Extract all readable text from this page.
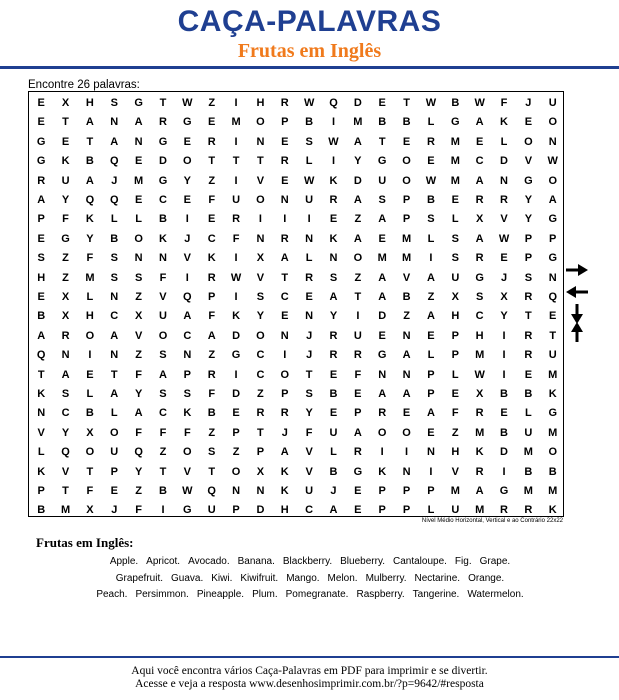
CAÇA-PALAVRAS
Frutas em Inglês
Encontre 26 palavras:
E	X	H	S	G	T	W	Z	I	H	R	W	Q	D	E	T	W	B	W	F	J	U
E	T	A	N	A	R	G	E	M	O	P	B	I	M	B	B	L	G	A	K	E	O
G	E	T	A	N	G	E	R	I	N	E	S	W	A	T	E	R	M	E	L	O	N
G	K	B	Q	E	D	O	T	T	T	R	L	I	Y	G	O	E	M	C	D	V	W
R	U	A	J	M	G	Y	Z	I	V	E	W	K	D	U	O	W	M	A	N	G	O
A	Y	Q	Q	E	C	E	F	U	O	N	U	R	A	S	P	B	E	R	R	Y	A
P	F	K	L	L	B	I	E	R	I	I	I	E	Z	A	P	S	L	X	V	Y	G
E	G	Y	B	O	K	J	C	F	N	R	N	K	A	E	M	L	S	A	W	P	P
S	Z	F	S	N	N	V	K	I	X	A	L	N	O	M	M	I	S	R	E	P	G
H	Z	M	S	S	F	I	R	W	V	T	R	S	Z	A	V	A	U	G	J	S	N
E	X	L	N	Z	V	Q	P	I	S	C	E	A	T	A	B	Z	X	S	X	R	Q
B	X	H	C	X	U	A	F	K	Y	E	N	Y	I	D	Z	A	H	C	Y	T	E
A	R	O	A	V	O	C	A	D	O	N	J	R	U	E	N	E	P	H	I	R	T
Q	N	I	N	Z	S	N	Z	G	C	I	J	R	R	G	A	L	P	M	I	R	U
T	A	E	T	F	A	P	R	I	C	O	T	E	F	N	N	P	L	W	I	E	M
K	S	L	A	Y	S	S	F	D	Z	P	S	B	E	A	A	P	E	X	B	B	K
N	C	B	L	A	C	K	B	E	R	R	Y	E	P	R	E	A	F	R	E	L	G
V	Y	X	O	F	F	F	Z	P	T	J	F	U	A	O	O	E	Z	M	B	U	M
L	Q	O	U	Q	Z	O	S	Z	P	A	V	L	R	I	I	N	H	K	D	M	O
K	V	T	P	Y	T	V	T	O	X	K	V	B	G	K	N	I	V	R	I	B	B
P	T	F	E	Z	B	W	Q	N	N	K	U	J	E	P	P	P	M	A	G	M	M
B	M	X	J	F	I	G	U	P	D	H	C	A	E	P	P	L	U	M	R	R	K
Nível Médio Horizontal, Vertical e ao Contrário 22x22
Frutas em Inglês:
Apple. Apricot. Avocado. Banana. Blackberry. Blueberry. Cantaloupe. Fig. Grape.
Grapefruit. Guava. Kiwi. Kiwifruit. Mango. Melon. Mulberry. Nectarine. Orange.
Peach. Persimmon. Pineapple. Plum. Pomegranate. Raspberry. Tangerine. Watermelon.
Aqui você encontra vários Caça-Palavras em PDF para imprimir e se divertir.
Acesse e veja a resposta www.desenhosimprimir.com.br/?p=9642/#resposta
